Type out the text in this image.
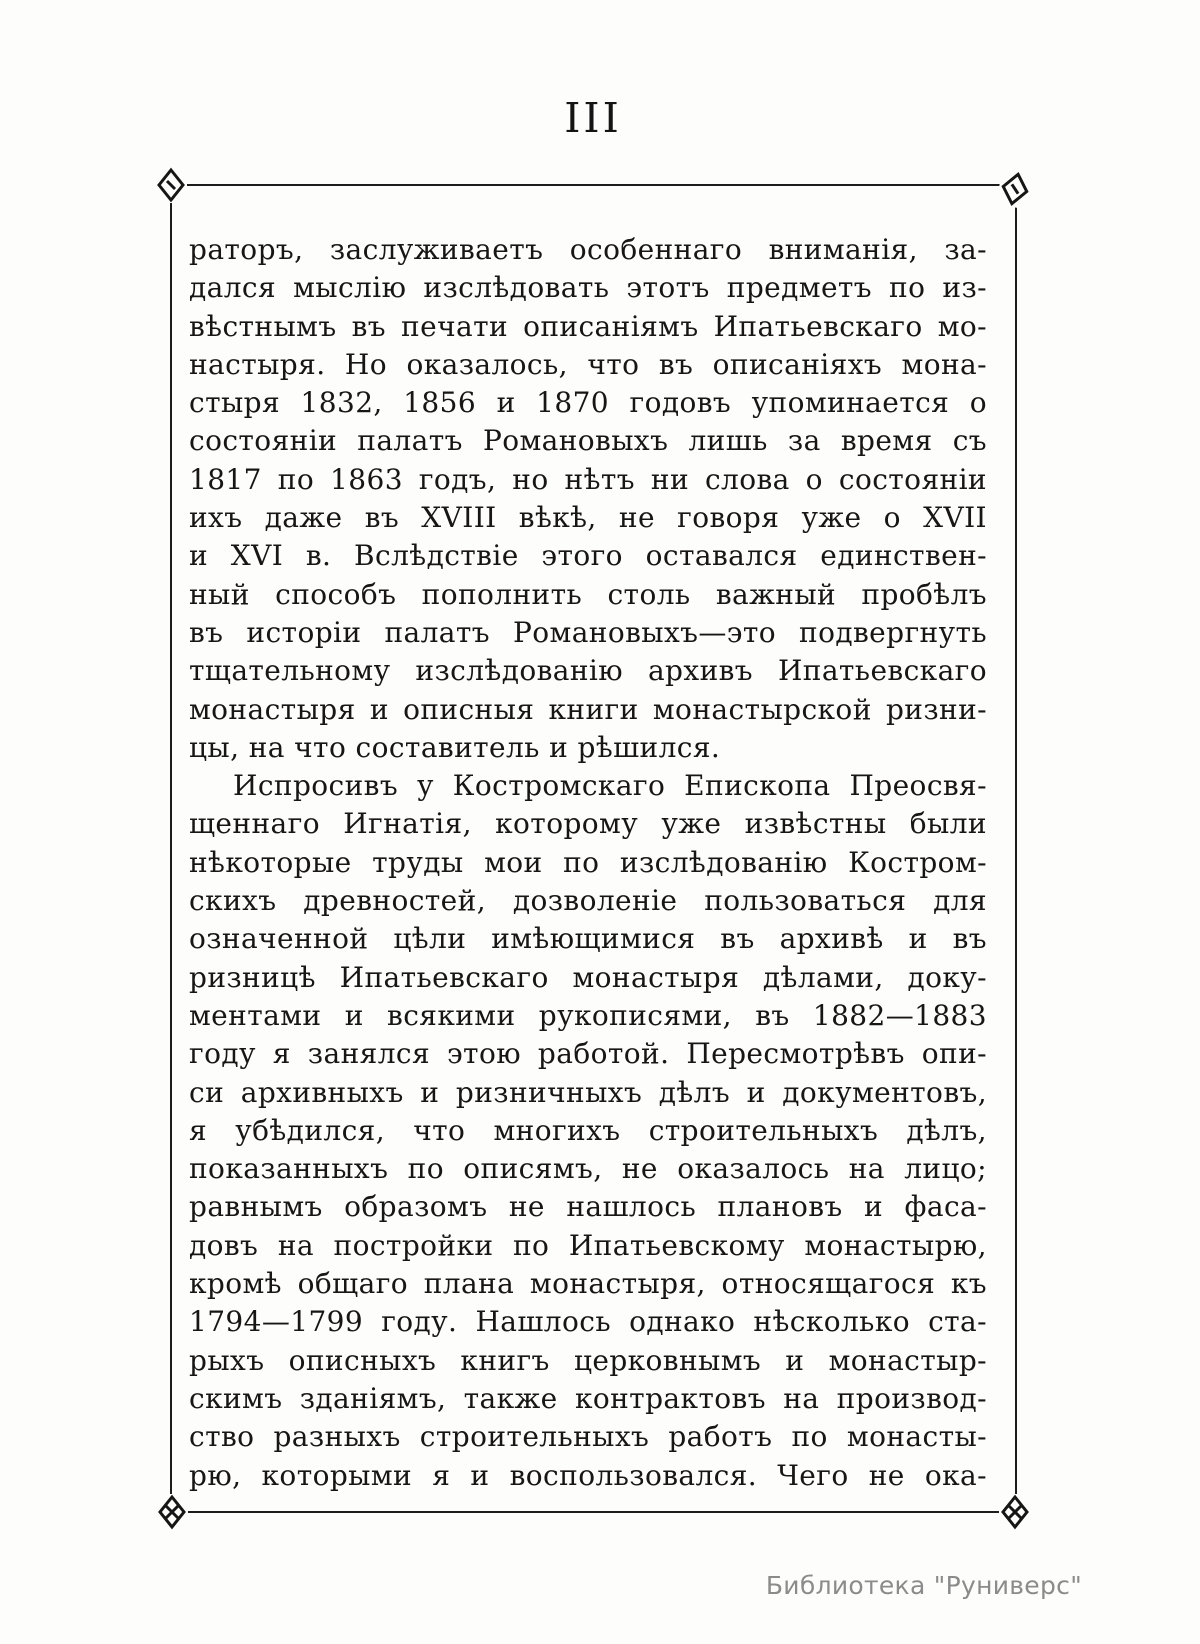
III
раторъ, заслуживаетъ особеннаго вниманія, за-
дался мыслію изслѣдовать этотъ предметъ по из-
вѣстнымъ въ печати описаніямъ Ипатьевскаго мо-
настыря. Но оказалось, что въ описаніяхъ мона-
стыря 1832, 1856 и 1870 годовъ упоминается о
состояніи палатъ Романовыхъ лишь за время съ
1817 по 1863 годъ, но нѣтъ ни слова о состояніи
ихъ даже въ XVIII вѣкѣ, не говоря уже о XVII
и XVI в. Вслѣдствіе этого оставался единствен-
ный способъ пополнить столь важный пробѣлъ
въ исторіи палатъ Романовыхъ—это подвергнуть
тщательному изслѣдованію архивъ Ипатьевскаго
монастыря и описныя книги монастырской ризни-
цы, на что составитель и рѣшился.
Испросивъ у Костромскаго Епископа Преосвя-
щеннаго Игнатія, которому уже извѣстны были
нѣкоторые труды мои по изслѣдованію Костром-
скихъ древностей, дозволеніе пользоваться для
означенной цѣли имѣющимися въ архивѣ и въ
ризницѣ Ипатьевскаго монастыря дѣлами, доку-
ментами и всякими рукописями, въ 1882—1883
году я занялся этою работой. Пересмотрѣвъ опи-
си архивныхъ и ризничныхъ дѣлъ и документовъ,
я убѣдился, что многихъ строительныхъ дѣлъ,
показанныхъ по описямъ, не оказалось на лицо;
равнымъ образомъ не нашлось плановъ и фаса-
довъ на постройки по Ипатьевскому монастырю,
кромѣ общаго плана монастыря, относящагося къ
1794—1799 году. Нашлось однако нѣсколько ста-
рыхъ описныхъ книгъ церковнымъ и монастыр-
скимъ зданіямъ, также контрактовъ на производ-
ство разныхъ строительныхъ работъ по монасты-
рю, которыми я и воспользовался. Чего не ока-
Библиотека "Руниверс"
